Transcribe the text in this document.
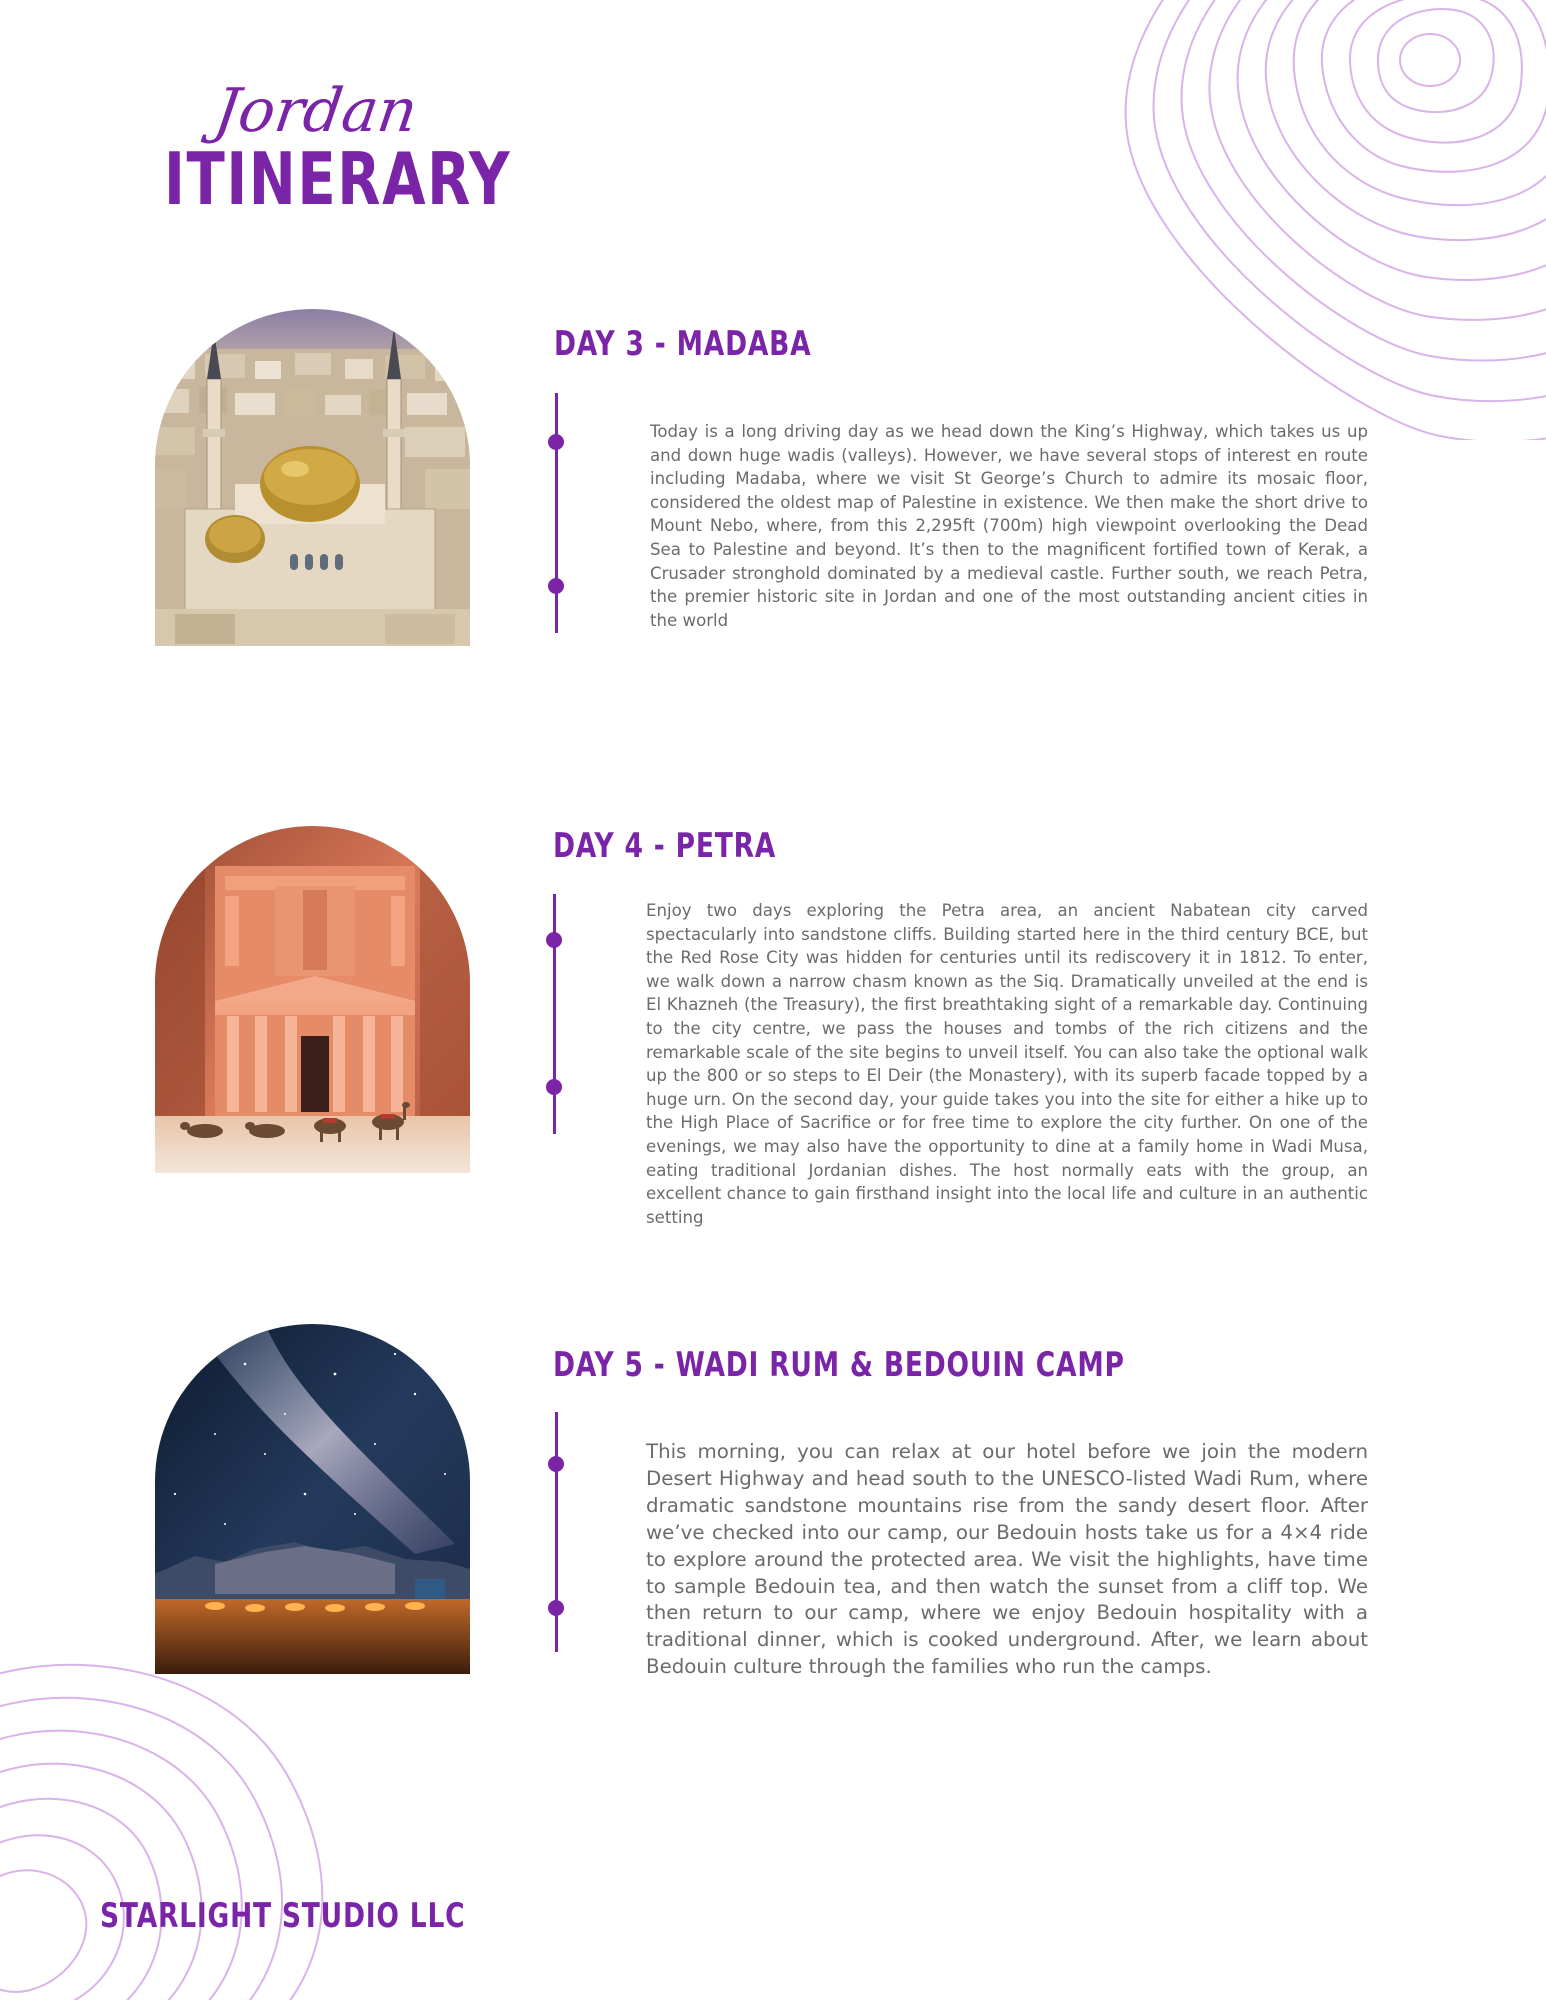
Jordan
ITINERARY
DAY 3 - MADABA

Today is a long driving day as we head down the King’s Highway, which takes us up and down huge wadis (valleys). However, we have several stops of interest en route including Madaba, where we visit St George’s Church to admire its mosaic floor, considered the oldest map of Palestine in existence. We then make the short drive to Mount Nebo, where, from this 2,295ft (700m) high viewpoint overlooking the Dead Sea to Palestine and beyond. It’s then to the magnificent fortified town of Kerak, a Crusader stronghold dominated by a medieval castle. Further south, we reach Petra, the premier historic site in Jordan and one of the most outstanding ancient cities in the world

DAY 4 - PETRA

Enjoy two days exploring the Petra area, an ancient Nabatean city carved spectacularly into sandstone cliffs. Building started here in the third century BCE, but the Red Rose City was hidden for centuries until its rediscovery it in 1812. To enter, we walk down a narrow chasm known as the Siq. Dramatically unveiled at the end is El Khazneh (the Treasury), the first breathtaking sight of a remarkable day. Continuing to the city centre, we pass the houses and tombs of the rich citizens and the remarkable scale of the site begins to unveil itself. You can also take the optional walk up the 800 or so steps to El Deir (the Monastery), with its superb facade topped by a huge urn. On the second day, your guide takes you into the site for either a hike up to the High Place of Sacrifice or for free time to explore the city further. On one of the evenings, we may also have the opportunity to dine at a family home in Wadi Musa, eating traditional Jordanian dishes. The host normally eats with the group, an excellent chance to gain firsthand insight into the local life and culture in an authentic setting

DAY 5 - WADI RUM & BEDOUIN CAMP

This morning, you can relax at our hotel before we join the modern Desert Highway and head south to the UNESCO-listed Wadi Rum, where dramatic sandstone mountains rise from the sandy desert floor. After we’ve checked into our camp, our Bedouin hosts take us for a 4×4 ride to explore around the protected area. We visit the highlights, have time to sample Bedouin tea, and then watch the sunset from a cliff top. We then return to our camp, where we enjoy Bedouin hospitality with a traditional dinner, which is cooked underground. After, we learn about Bedouin culture through the families who run the camps.

STARLIGHT STUDIO LLC
